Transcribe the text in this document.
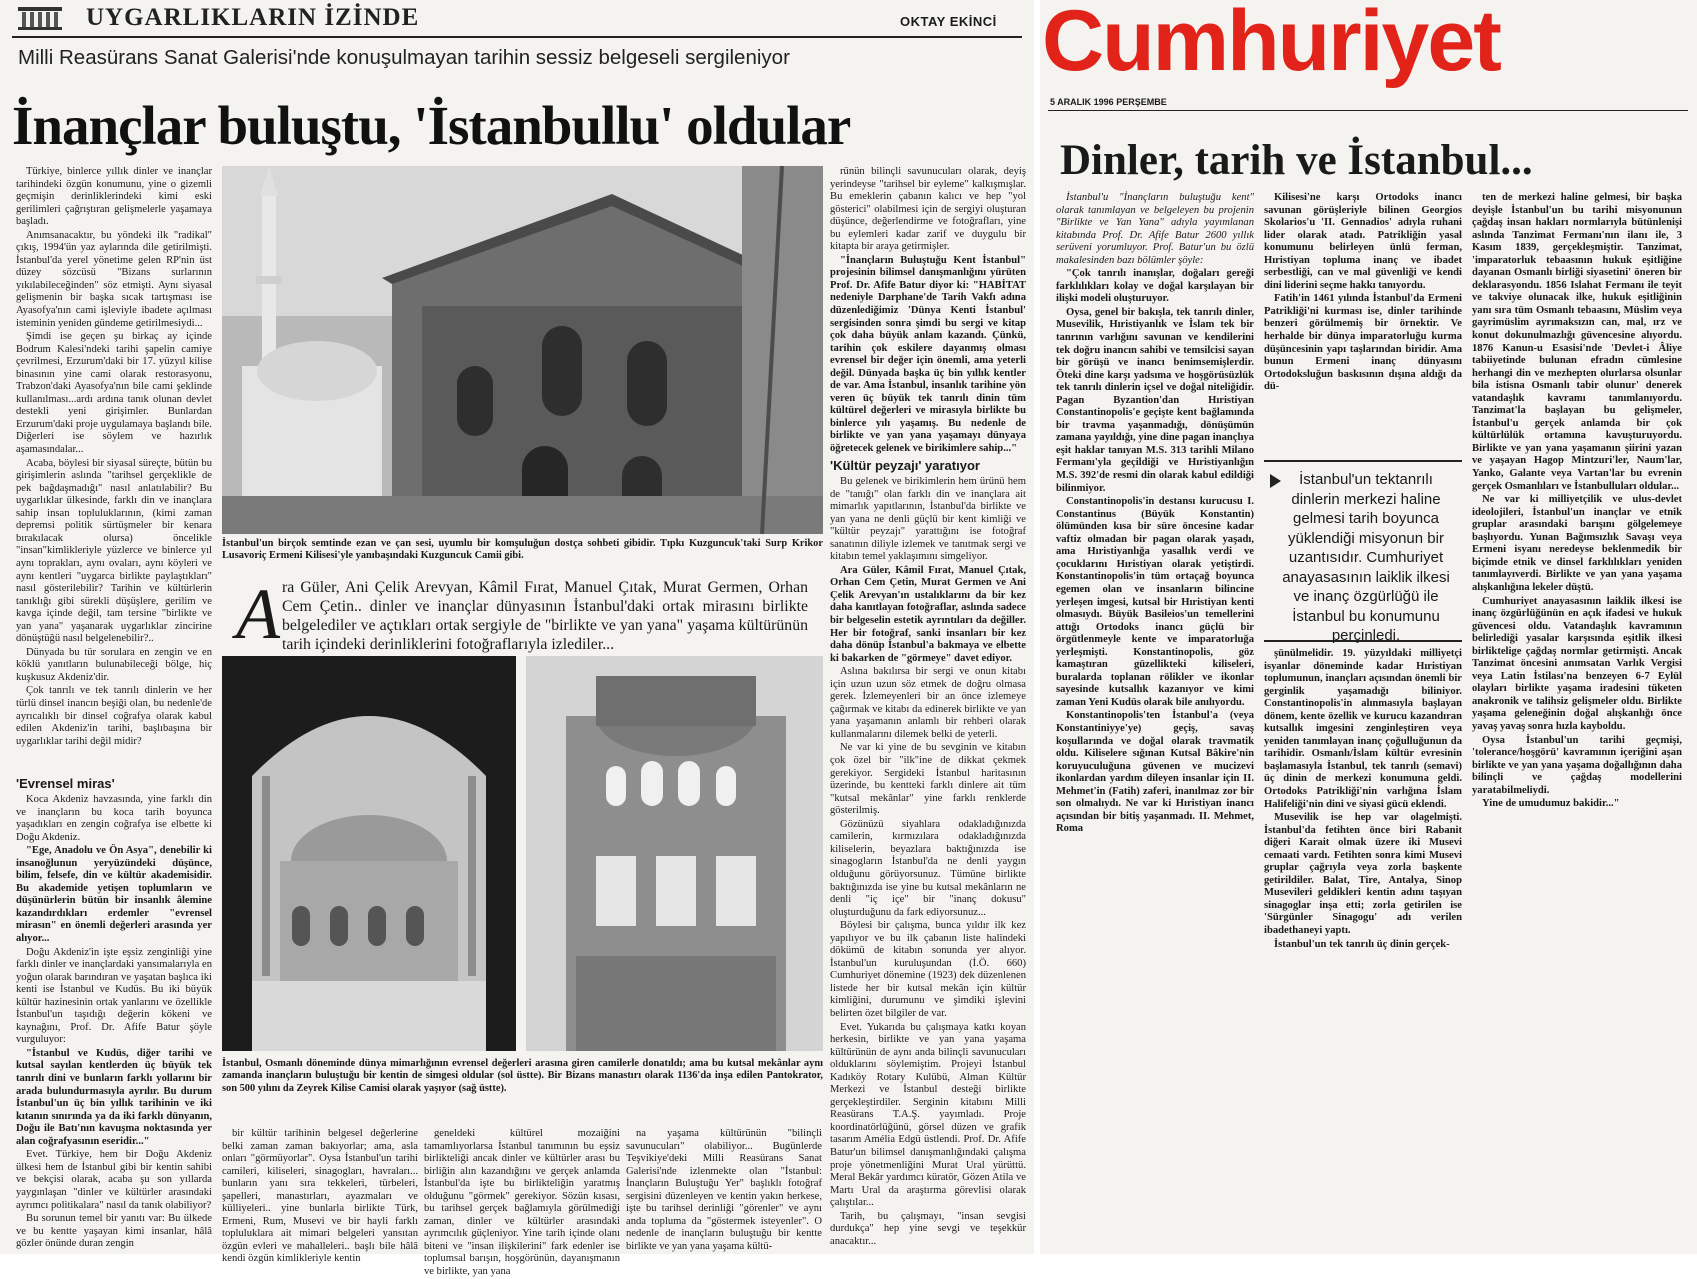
UYGARLIKLARIN İZİNDE	OKTAY EKİNCİ
Milli Reasürans Sanat Galerisi'nde konuşulmayan tarihin sessiz belgeseli sergileniyor
İnançlar buluştu, 'İstanbullu' oldular

Türkiye, binlerce yıllık dinler ve inançlar tarihindeki özgün konumunu, yine o gizemli geçmişin derinliklerindeki kimi eski gerilimleri çağrıştıran gelişmelerle yaşamaya başladı.

Anımsanacaktır, bu yöndeki ilk "radikal" çıkış, 1994'ün yaz aylarında dile getirilmişti. İstanbul'da yerel yönetime gelen RP'nin üst düzey sözcüsü "Bizans surlarının yıkılabileceğinden" söz etmişti. Aynı siyasal gelişmenin bir başka sıcak tartışması ise Ayasofya'nın cami işleviyle ibadete açılması isteminin yeniden gündeme getirilmesiydi...

Şimdi ise geçen şu birkaç ay içinde Bodrum Kalesi'ndeki tarihi şapelin camiye çevrilmesi, Erzurum'daki bir 17. yüzyıl kilise binasının yine cami olarak restorasyonu, Trabzon'daki Ayasofya'nın bile cami şeklinde kullanılması...ardı ardına tanık olunan devlet destekli yeni girişimler. Bunlardan Erzurum'daki proje uygulamaya başlandı bile. Diğerleri ise söylem ve hazırlık aşamasındalar...

Acaba, böylesi bir siyasal süreçte, bütün bu girişimlerin aslında "tarihsel gerçeklikle de pek bağdaşmadığı" nasıl anlatılabilir? Bu uygarlıklar ülkesinde, farklı din ve inançlara sahip insan topluluklarının, (kimi zaman depremsi politik sürtüşmeler bir kenara bırakılacak olursa) öncelikle "insan"kimlikleriyle yüzlerce ve binlerce yıl aynı toprakları, aynı ovaları, aynı köyleri ve aynı kentleri "uygarca birlikte paylaştıkları" nasıl gösterilebilir? Tarihin ve kültürlerin tanıklığı gibi sürekli düşüşlere, gerilim ve kavga içinde değil, tam tersine "birlikte ve yan yana" yaşanarak uygarlıklar zincirine dönüştüğü nasıl belgelenebilir?..

Dünyada bu tür sorulara en zengin ve en köklü yanıtların bulunabileceği bölge, hiç kuşkusuz Akdeniz'dir.

Çok tanrılı ve tek tanrılı dinlerin ve her türlü dinsel inancın beşiği olan, bu nedenle'de ayrıcalıklı bir dinsel coğrafya olarak kabul edilen Akdeniz'in tarihi, başlıbaşına bir uygarlıklar tarihi değil midir?

'Evrensel miras'

Koca Akdeniz havzasında, yine farklı din ve inançların bu koca tarih boyunca yaşadıkları en zengin coğrafya ise elbette ki Doğu Akdeniz.

"Ege, Anadolu ve Ön Asya", denebilir ki insanoğlunun yeryüzündeki düşünce, bilim, felsefe, din ve kültür akademisidir. Bu akademide yetişen toplumların ve düşünürlerin bütün bir insanlık âlemine kazandırdıkları erdemler "evrensel mirasın" en önemli değerleri arasında yer alıyor...

Doğu Akdeniz'in işte eşsiz zenginliği yine farklı dinler ve inançlardaki yansımalarıyla en yoğun olarak barındıran ve yaşatan başlıca iki kenti ise İstanbul ve Kudüs. Bu iki büyük kültür hazinesinin ortak yanlarını ve özellikle İstanbul'un taşıdığı değerin kökeni ve kaynağını, Prof. Dr. Afife Batur şöyle vurguluyor:

"İstanbul ve Kudüs, diğer tarihi ve kutsal sayılan kentlerden üç büyük tek tanrılı dini ve bunların farklı yollarını bir arada bulundurmasıyla ayrılır. Bu durum İstanbul'un üç bin yıllık tarihinin ve iki kıtanın sınırında ya da iki farklı dünyanın, Doğu ile Batı'nın kavuşma noktasında yer alan coğrafyasının eseridir..."

Evet. Türkiye, hem bir Doğu Akdeniz ülkesi hem de İstanbul gibi bir kentin sahibi ve bekçisi olarak, acaba şu son yıllarda yaygınlaşan "dinler ve kültürler arasındaki ayrımcı politikalara" nasıl da tanık olabiliyor?

Bu sorunun temel bir yanıtı var: Bu ülkede ve bu kentte yaşayan kimi insanlar, hâlâ gözler önünde duran zengin

İstanbul'un birçok semtinde ezan ve çan sesi, uyumlu bir komşuluğun dostça sohbeti gibidir. Tıpkı Kuzguncuk'taki Surp Krikor Lusavoriç Ermeni Kilisesi'yle yanıbaşındaki Kuzguncuk Camii gibi.
A ra Güler, Ani Çelik Arevyan, Kâmil Fırat, Manuel Çıtak, Murat Germen, Orhan Cem Çetin.. dinler ve inançlar dünyasının İstanbul'daki ortak mirasını birlikte belgelediler ve açtıkları ortak sergiyle de "birlikte ve yan yana" yaşama kültürünün tarih içindeki derinliklerini fotoğraflarıyla izlediler...
İstanbul, Osmanlı döneminde dünya mimarlığının evrensel değerleri arasına giren camilerle donatıldı; ama bu kutsal mekânlar aynı zamanda inançların buluştuğu bir kentin de simgesi oldular (sol üstte). Bir Bizans manastırı olarak 1136'da inşa edilen Pantokrator, son 500 yılını da Zeyrek Kilise Camisi olarak yaşıyor (sağ üstte).

bir kültür tarihinin belgesel değerlerine belki zaman zaman bakıyorlar; ama, asla onları "görmüyorlar". Oysa İstanbul'un tarihi camileri, kiliseleri, sinagogları, havraları... bunların yanı sıra tekkeleri, türbeleri, şapelleri, manastırları, ayazmaları ve külliyeleri.. yine bunlarla birlikte Türk, Ermeni, Rum, Musevi ve bir hayli farklı topluluklara ait mimari belgeleri yansıtan özgün evleri ve mahalleleri.. başlı bile hâlâ kendi özgün kimlikleriyle kentin

geneldeki kültürel mozaiğini tamamlıyorlarsa İstanbul tanımının bu eşsiz birlikteliği ancak dinler ve kültürler arası bu birliğin alın kazandığını ve gerçek anlamda İstanbul'da işte bu birlikteliğin yaratmış olduğunu "görmek" gerekiyor. Sözün kısası, bu tarihsel gerçek bağlamıyla görülmediği zaman, dinler ve kültürler arasındaki ayrımcılık güçleniyor. Yine tarih içinde olanı biteni ve "insan ilişkilerini" fark edenler ise toplumsal barışın, hoşgörünün, dayanışmanın ve birlikte, yan yana

na yaşama kültürünün "bilinçli savunucuları" olabiliyor... Bugünlerde Teşvikiye'deki Milli Reasürans Sanat Galerisi'nde izlenmekte olan "İstanbul: İnançların Buluştuğu Yer" başlıklı fotoğraf sergisini düzenleyen ve kentin yakın herkese, işte bu tarihsel derinliği "görenler" ve aynı anda topluma da "göstermek isteyenler". O nedenle de inançların buluştuğu bir kentte birlikte ve yan yana yaşama kültü-

rünün bilinçli savunucuları olarak, deyiş yerindeyse "tarihsel bir eyleme" kalkışmışlar. Bu emeklerin çabanın kalıcı ve hep "yol gösterici" olabilmesi için de sergiyi oluşturan düşünce, değerlendirme ve fotoğrafları, yine bu eylemleri kadar zarif ve duygulu bir kitapta bir araya getirmişler.

"İnançların Buluştuğu Kent İstanbul" projesinin bilimsel danışmanlığını yürüten Prof. Dr. Afife Batur diyor ki: "HABİTAT nedeniyle Darphane'de Tarih Vakfı adına düzenlediğimiz 'Dünya Kenti İstanbul' sergisinden sonra şimdi bu sergi ve kitap çok daha büyük anlam kazandı. Çünkü, tarihin çok eskilere dayanmış olması evrensel bir değer için önemli, ama yeterli değil. Dünyada başka üç bin yıllık kentler de var. Ama İstanbul, insanlık tarihine yön veren üç büyük tek tanrılı dinin tüm kültürel değerleri ve mirasıyla birlikte bu binlerce yılı yaşamış. Bu nedenle de birlikte ve yan yana yaşamayı dünyaya öğretecek gelenek ve birikimlere sahip..."

'Kültür peyzajı' yaratıyor

Bu gelenek ve birikimlerin hem ürünü hem de "tanığı" olan farklı din ve inançlara ait mimarlık yapıtlarının, İstanbul'da birlikte ve yan yana ne denli güçlü bir kent kimliği ve "kültür peyzajı" yarattığını ise fotoğraf sanatının diliyle izlemek ve tanıtmak sergi ve kitabın temel yaklaşımını simgeliyor.

Ara Güler, Kâmil Fırat, Manuel Çıtak, Orhan Cem Çetin, Murat Germen ve Ani Çelik Arevyan'ın ustalıklarını da bir kez daha kanıtlayan fotoğraflar, aslında sadece bir belgeselin estetik ayrıntıları da değiller. Her bir fotoğraf, sanki insanları bir kez daha dönüp İstanbul'a bakmaya ve elbette ki bakarken de "görmeye" davet ediyor.

Aslına bakılırsa bir sergi ve onun kitabı için uzun uzun söz etmek de doğru olmasa gerek. İzlemeyenleri bir an önce izlemeye çağırmak ve kitabı da edinerek birlikte ve yan yana yaşamanın anlamlı bir rehberi olarak kullanmalarını dilemek belki de yeterli.

Ne var ki yine de bu sevginin ve kitabın çok özel bir "ilk"ine de dikkat çekmek gerekiyor. Sergideki İstanbul haritasının üzerinde, bu kentteki farklı dinlere ait tüm "kutsal mekânlar" yine farklı renklerde gösterilmiş.

Gözünüzü siyahlara odakladığınızda camilerin, kırmızılara odakladığınızda kiliselerin, beyazlara baktığınızda ise sinagogların İstanbul'da ne denli yaygın olduğunu görüyorsunuz. Tümüne birlikte baktığınızda ise yine bu kutsal mekânların ne denli "iç içe" bir "inanç dokusu" oluşturduğunu da fark ediyorsunuz...

Böylesi bir çalışma, bunca yıldır ilk kez yapılıyor ve bu ilk çabanın liste halindeki dökümü de kitabın sonunda yer alıyor. İstanbul'un kuruluşundan (İ.Ö. 660) Cumhuriyet dönemine (1923) dek düzenlenen listede her bir kutsal mekân için kültür kimliğini, durumunu ve şimdiki işlevini belirten özet bilgiler de var.

Evet. Yukarıda bu çalışmaya katkı koyan herkesin, birlikte ve yan yana yaşama kültürünün de aynı anda bilinçli savunucuları olduklarını söylemiştim. Projeyi İstanbul Kadıköy Rotary Kulübü, Alman Kültür Merkezi ve İstanbul desteği birlikte gerçekleştirdiler. Serginin kitabını Milli Reasürans T.A.Ş. yayımladı. Proje koordinatörlüğünü, görsel düzen ve grafik tasarım Amélia Edgü üstlendi. Prof. Dr. Afife Batur'un bilimsel danışmanlığındaki çalışma proje yönetmenliğini Murat Ural yürüttü. Meral Bekâr yardımcı küratör, Gözen Atila ve Martı Ural da araştırma görevlisi olarak çalıştılar...

Tarih, bu çalışmayı, "insan sevgisi durdukça" hep yine sevgi ve teşekkür anacaktır...

Cumhuriyet
5 ARALIK 1996 PERŞEMBE
Dinler, tarih ve İstanbul...

İstanbul'u "İnançların buluştuğu kent" olarak tanımlayan ve belgeleyen bu projenin "Birlikte ve Yan Yana" adıyla yayımlanan kitabında Prof. Dr. Afife Batur 2600 yıllık serüveni yorumluyor. Prof. Batur'un bu özlü makalesinden bazı bölümler şöyle:

"Çok tanrılı inanışlar, doğaları gereği farklılıkları kolay ve doğal karşılayan bir ilişki modeli oluşturuyor.

Oysa, genel bir bakışla, tek tanrılı dinler, Musevilik, Hıristiyanlık ve İslam tek bir tanrının varlığını savunan ve kendilerini tek doğru inancın sahibi ve temsilcisi sayan bir görüşü ve inancı benimsemişlerdir. Öteki dine karşı yadsıma ve hoşgörüsüzlük tek tanrılı dinlerin içsel ve doğal niteliğidir. Pagan Byzantion'dan Hıristiyan Constantinopolis'e geçişte kent bağlamında bir travma yaşanmadığı, dönüşümün zamana yayıldığı, yine dine pagan inançlıya eşit haklar tanıyan M.S. 313 tarihli Milano Fermanı'yla geçildiği ve Hıristiyanlığın M.S. 392'de resmi din olarak kabul edildiği bilinmiyor.

Constantinopolis'in destansı kurucusu I. Constantinus (Büyük Konstantin) ölümünden kısa bir süre öncesine kadar vaftiz olmadan bir pagan olarak yaşadı, ama Hıristiyanlığa yasallık verdi ve çocuklarını Hıristiyan olarak yetiştirdi. Konstantinopolis'in tüm ortaçağ boyunca egemen olan ve insanların bilincine yerleşen imgesi, kutsal bir Hıristiyan kenti olmasıydı. Büyük Basileios'un temellerini attığı Ortodoks inancı güçlü bir örgütlenmeyle kente ve imparatorluğa yerleşmişti. Konstantinopolis, göz kamaştıran güzellikteki kiliseleri, buralarda toplanan rölikler ve ikonlar sayesinde kutsallık kazanıyor ve kimi zaman Yeni Kudüs olarak bile anılıyordu.

Konstantinopolis'ten İstanbul'a (veya Konstantiniyye'ye) geçiş, savaş koşullarında ve doğal olarak travmatik oldu. Kiliselere sığınan Kutsal Bâkire'nin koruyuculuğuna güvenen ve mucizevi ikonlardan yardım dileyen insanlar için II. Mehmet'in (Fatih) zaferi, inanılmaz zor bir son olmalıydı. Ne var ki Hıristiyan inancı açısından bir bitiş yaşanmadı. II. Mehmet, Roma

Kilisesi'ne karşı Ortodoks inancı savunan görüşleriyle bilinen Georgios Skolarios'u 'II. Gennadios' adıyla ruhani lider olarak atadı. Patrikliğin yasal konumunu belirleyen ünlü ferman, Hıristiyan topluma inanç ve ibadet serbestliği, can ve mal güvenliği ve kendi dini liderini seçme hakkı tanıyordu.

Fatih'in 1461 yılında İstanbul'da Ermeni Patrikliği'ni kurması ise, dinler tarihinde benzeri görülmemiş bir örnektir. Ve herhalde bir dünya imparatorluğu kurma düşüncesinin yapı taşlarından biridir. Ama bunun Ermeni inanç dünyasını Ortodoksluğun baskısının dışına aldığı da dü-

İstanbul'un tektanrılı dinlerin merkezi haline gelmesi tarih boyunca yüklendiği misyonun bir uzantısıdır. Cumhuriyet anayasasının laiklik ilkesi ve inanç özgürlüğü ile İstanbul bu konumunu perçinledi.

şünülmelidir. 19. yüzyıldaki milliyetçi isyanlar döneminde kadar Hıristiyan toplumunun, inançları açısından önemli bir gerginlik yaşamadığı biliniyor. Constantinopolis'in alınmasıyla başlayan dönem, kente özellik ve kurucu kazandıran kutsallık imgesini zenginleştiren veya yeniden tanımlayan inanç çoğulluğunun da tarihidir. Osmanlı/İslam kültür evresinin başlamasıyla İstanbul, tek tanrılı (semavi) üç dinin de merkezi konumuna geldi. Ortodoks Patrikliği'nin varlığına İslam Halifeliği'nin dini ve siyasi gücü eklendi.

Musevilik ise hep var olagelmişti. İstanbul'da fetihten önce biri Rabanit diğeri Karait olmak üzere iki Musevi cemaati vardı. Fetihten sonra kimi Musevi gruplar çağrıyla veya zorla başkente getirildiler. Balat, Tire, Antalya, Sinop Musevileri geldikleri kentin adını taşıyan sinagoglar inşa etti; zorla getirilen ise 'Sürgünler Sinagogu' adı verilen ibadethaneyi yaptı.

İstanbul'un tek tanrılı üç dinin gerçek-

ten de merkezi haline gelmesi, bir başka deyişle İstanbul'un bu tarihi misyonunun çağdaş insan hakları normlarıyla bütünlenişi aslında Tanzimat Fermanı'nın ilanı ile, 3 Kasım 1839, gerçekleşmiştir. Tanzimat, 'imparatorluk tebaasının hukuk eşitliğine dayanan Osmanlı birliği siyasetini' öneren bir deklarasyondu. 1856 Islahat Fermanı ile teyit ve takviye olunacak ilke, hukuk eşitliğinin yanı sıra tüm Osmanlı tebaasını, Müslim veya gayrimüslim ayrımaksızın can, mal, ırz ve konut dokunulmazlığı güvencesine alıyordu. 1876 Kanun-u Esasisi'nde 'Devlet-i Âliye tabiiyetinde bulunan efradın cümlesine herhangi din ve mezhepten olurlarsa olsunlar bila istisna Osmanlı tabir olunur' denerek vatandaşlık kavramı tanımlanıyordu. Tanzimat'la başlayan bu gelişmeler, İstanbul'u gerçek anlamda bir çok kültürlülük ortamına kavuşturuyordu. Birlikte ve yan yana yaşamanın şiirini yazan ve yaşayan Hagop Mintzuri'ler, Naum'lar, Yanko, Galante veya Vartan'lar bu evrenin gerçek Osmanlıları ve İstanbulluları oldular...

Ne var ki milliyetçilik ve ulus-devlet ideolojileri, İstanbul'un inançlar ve etnik gruplar arasındaki barışını gölgelemeye başlıyordu. Yunan Bağımsızlık Savaşı veya Ermeni isyanı neredeyse beklenmedik bir biçimde etnik ve dinsel farklılıkları yeniden tanımlayıverdi. Birlikte ve yan yana yaşama alışkanlığına lekeler düştü.

Cumhuriyet anayasasının laiklik ilkesi ise inanç özgürlüğünün en açık ifadesi ve hukuk güvencesi oldu. Vatandaşlık kavramının belirlediği yasalar karşısında eşitlik ilkesi birliktelige çağdaş normlar getirmişti. Ancak Tanzimat öncesini anımsatan Varlık Vergisi veya Latin İstilası'na benzeyen 6-7 Eylül olayları birlikte yaşama iradesini tüketen anakronik ve talihsiz gelişmeler oldu. Birlikte yaşama geleneğinin doğal alışkanlığı önce yavaş yavaş sonra hızla kayboldu.

Oysa İstanbul'un tarihi geçmişi, 'tolerance/hoşgörü' kavramının içeriğini aşan birlikte ve yan yana yaşama doğallığının daha bilinçli ve çağdaş modellerini yaratabilmeliydi.

Yine de umudumuz bakidir..."
